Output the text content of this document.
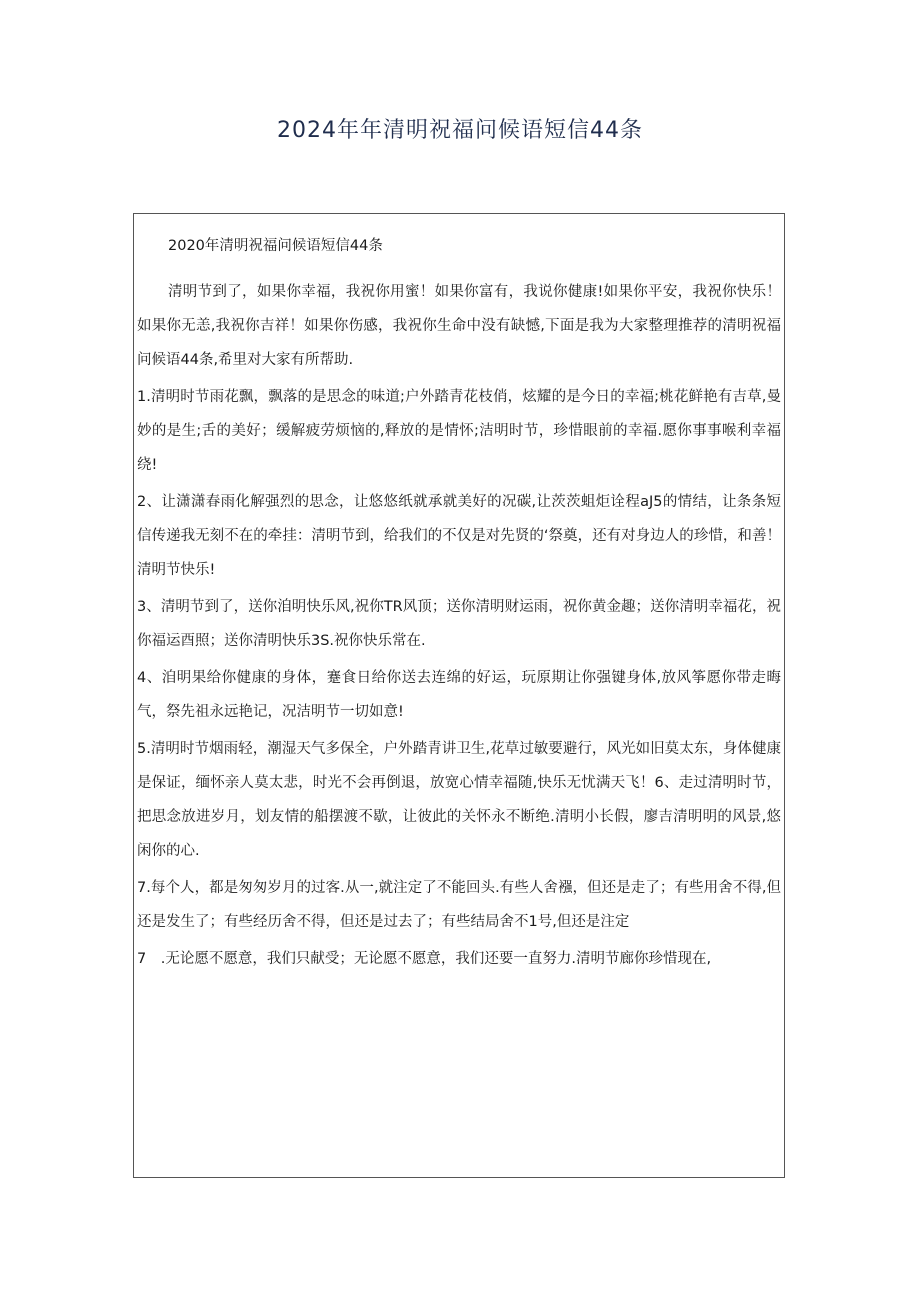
2024年年清明祝福问候语短信44条
2020年清明祝福问候语短信44条

清明节到了，如果你幸福，我祝你用蜜！如果你富有，我说你健康!如果你平安，我祝你快乐！如果你无恙,我祝你吉祥！如果你伤感，我祝你生命中没有缺憾,下面是我为大家整理推荐的清明祝福问候语44条,希里对大家有所帮助.

1.清明时节雨花飘，飘落的是思念的味道;户外踏青花枝俏，炫耀的是今日的幸福;桃花鲜艳有吉草,曼妙的是生;舌的美好；缓解疲劳烦恼的,释放的是情怀;洁明时节，珍惜眼前的幸福.愿你事事喉利幸福绕!

2、让潇潇春雨化解强烈的思念，让悠悠纸就承就美好的况碳,让茨茨蛆炬诠程aJ5的情结，让条条短信传递我无刻不在的牵挂：清明节到，给我们的不仅是对先贤的‘祭奠，还有对身边人的珍惜，和善！清明节快乐!

3、清明节到了，送你洎明快乐风,祝你TR风顶；送你清明财运雨，祝你黄金趣；送你清明幸福花，祝你福运酉照；送你清明快乐3S.祝你快乐常在.

4、洎明果给你健康的身体，蹇食日给你送去连绵的好运，玩原期让你强键身体,放风筝愿你带走晦气，祭先祖永远艳记，况洁明节一切如意!

5.清明时节烟雨轻，潮湿天气多保全，户外踏青讲卫生,花草过敏要避行，风光如旧莫太东，身体健康是保证，缅怀亲人莫太悲，时光不会再倒退，放宽心情幸福随,快乐无忧满天飞！6、走过清明时节，把思念放进岁月，划友情的船摆渡不歇，让彼此的关怀永不断绝.清明小长假，廖吉清明明的风景,悠闲你的心.

7.每个人，都是匆匆岁月的过客.从一,就注定了不能回头.有些人舍襁，但还是走了；有些用舍不得,但还是发生了；有些经历舍不得，但还是过去了；有些结局舍不1号,但还是注定

7　.无论愿不愿意，我们只献受；无论愿不愿意，我们还要一直努力.清明节廊你珍惜现在,
